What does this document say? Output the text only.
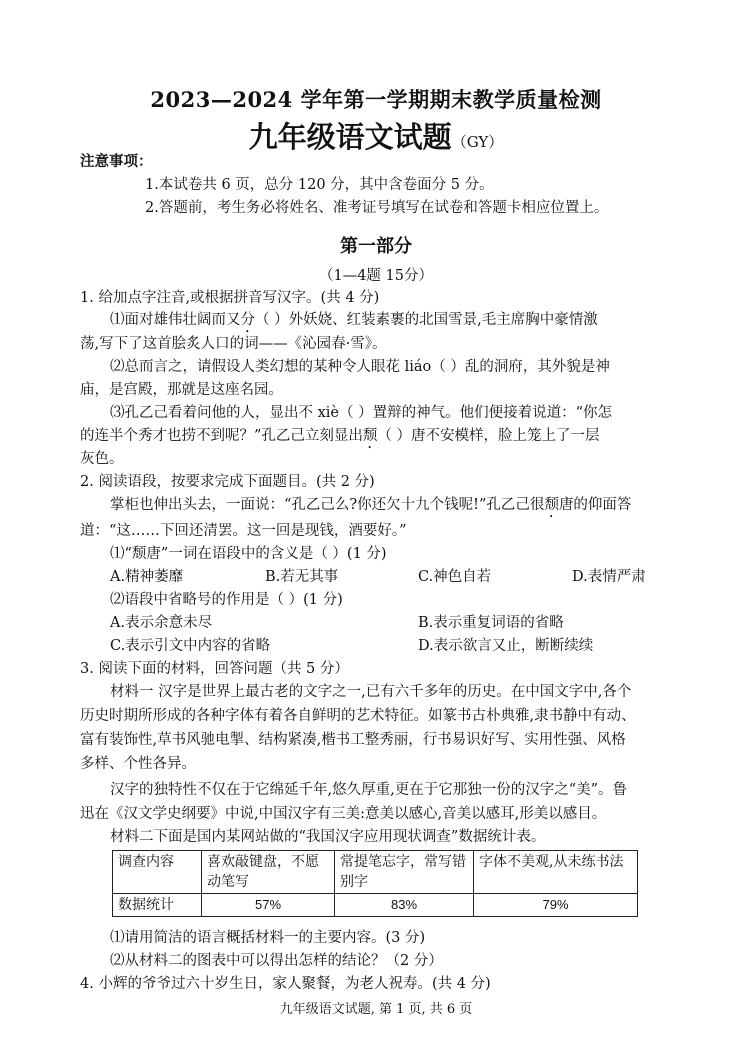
2023—2024 学年第一学期期末教学质量检测
九年级语文试题（GY）
注意事项：
1.本试卷共 6 页，总分 120 分，其中含卷面分 5 分。
2.答题前，考生务必将姓名、准考证号填写在试卷和答题卡相应位置上。
第一部分
（1—4题 15分）
1. 给加点字注音,或根据拼音写汉字。(共 4 分)
⑴面对雄伟壮阔而又分（ ）外妖娆、红装素裹的北国雪景,毛主席胸中豪情激
荡,写下了这首脍炙人口的词——《沁园春·雪》。
⑵总而言之，请假设人类幻想的某种令人眼花 liáo（ ）乱的洞府，其外貌是神
庙，是宫殿，那就是这座名园。
⑶孔乙己看着问他的人，显出不 xiè（ ）置辩的神气。他们便接着说道：“你怎
的连半个秀才也捞不到呢？”孔乙己立刻显出颓（ ）唐不安模样，脸上笼上了一层
灰色。
2. 阅读语段，按要求完成下面题目。(共 2 分)
掌柜也伸出头去，一面说：“孔乙己么?你还欠十九个钱呢!”孔乙己很颓唐的仰面答
道：“这……下回还清罢。这一回是现钱，酒要好。”
⑴“颓唐”一词在语段中的含义是（ ）(1 分)
A.精神萎靡	B.若无其事	C.神色自若	D.表情严肃
⑵语段中省略号的作用是（ ）(1 分)
A.表示余意未尽	B.表示重复词语的省略
C.表示引文中内容的省略	D.表示欲言又止，断断续续
3. 阅读下面的材料，回答问题（共 5 分）
材料一 汉字是世界上最古老的文字之一,已有六千多年的历史。在中国文字中,各个
历史时期所形成的各种字体有着各自鲜明的艺术特征。如篆书古朴典雅,隶书静中有动、
富有装饰性,草书风驰电掣、结构紧凑,楷书工整秀丽，行书易识好写、实用性强、风格
多样、个性各异。
汉字的独特性不仅在于它绵延千年,悠久厚重,更在于它那独一份的汉字之“美”。鲁
迅在《汉文学史纲要》中说,中国汉字有三美:意美以感心,音美以感耳,形美以感目。
材料二下面是国内某网站做的“我国汉字应用现状调查”数据统计表。
调查内容	喜欢敲键盘，不愿动笔写	常提笔忘字，常写错别字	字体不美观,从未练书法
数据统计	57%	83%	79%
⑴请用简洁的语言概括材料一的主要内容。(3 分)
⑵从材料二的图表中可以得出怎样的结论？（2 分）
4. 小辉的爷爷过六十岁生日，家人聚餐，为老人祝寿。(共 4 分)
九年级语文试题, 第 1 页, 共 6 页
